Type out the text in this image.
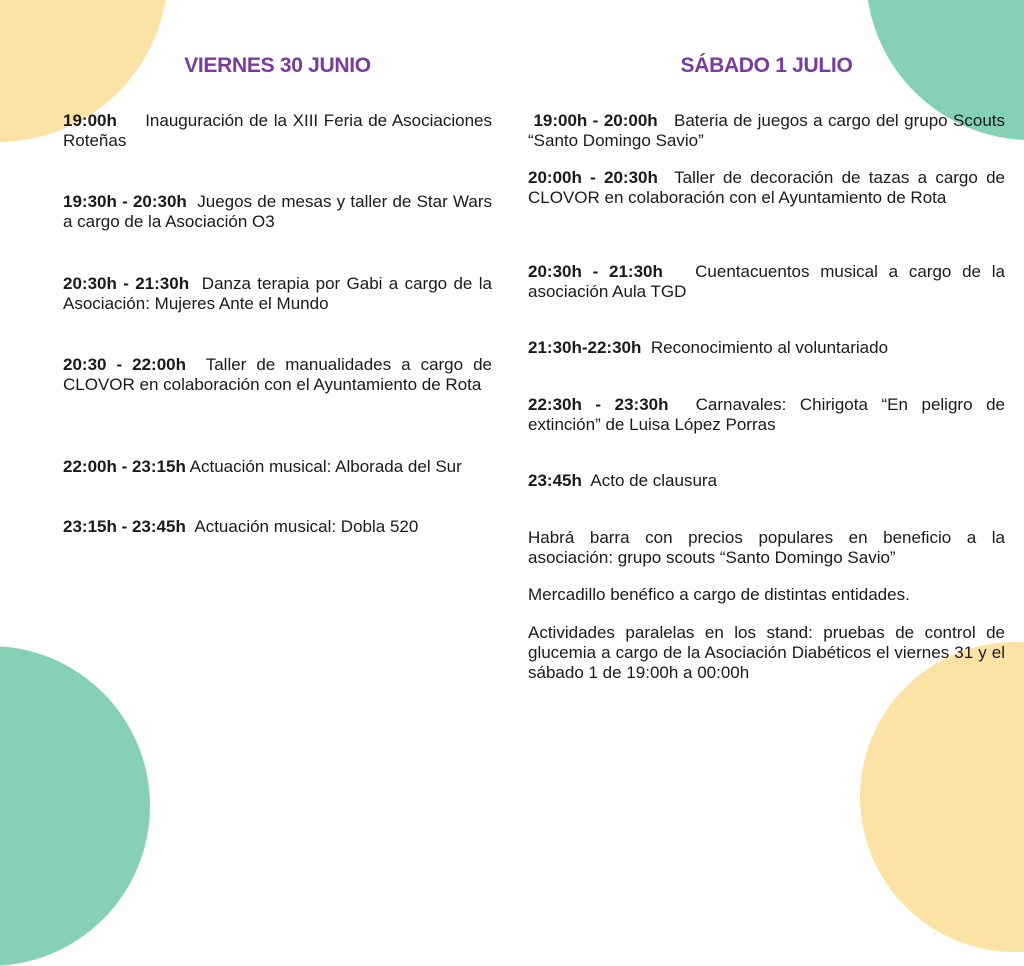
VIERNES 30 JUNIO
19:00h Inauguración de la XIII Feria de Asociaciones Roteñas
19:30h - 20:30h Juegos de mesas y taller de Star Wars a cargo de la Asociación O3
20:30h - 21:30h Danza terapia por Gabi a cargo de la Asociación: Mujeres Ante el Mundo
20:30 - 22:00h Taller de manualidades a cargo de CLOVOR en colaboración con el Ayuntamiento de Rota
22:00h - 23:15h Actuación musical: Alborada del Sur
23:15h - 23:45h Actuación musical: Dobla 520
SÁBADO 1 JULIO
19:00h - 20:00h Bateria de juegos a cargo del grupo Scouts “Santo Domingo Savio”
20:00h - 20:30h Taller de decoración de tazas a cargo de CLOVOR en colaboración con el Ayuntamiento de Rota
20:30h - 21:30h Cuentacuentos musical a cargo de la asociación Aula TGD
21:30h-22:30h Reconocimiento al voluntariado
22:30h - 23:30h Carnavales: Chirigota “En peligro de extinción” de Luisa López Porras
23:45h Acto de clausura
Habrá barra con precios populares en beneficio a la asociación: grupo scouts “Santo Domingo Savio”
Mercadillo benéfico a cargo de distintas entidades.
Actividades paralelas en los stand: pruebas de control de glucemia a cargo de la Asociación Diabéticos el viernes 31 y el sábado 1 de 19:00h a 00:00h
